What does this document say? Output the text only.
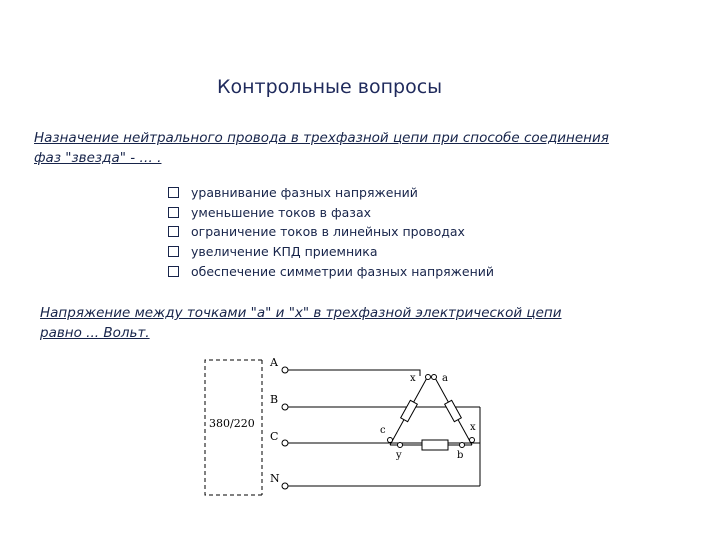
Контрольные вопросы
Назначение нейтрального провода в трехфазной цепи при способе соединения
фаз "звезда" - … .
уравнивание фазных напряжений
уменьшение токов в фазах
ограничение токов в линейных проводах
увеличение КПД приемника
обеспечение симметрии фазных напряжений
Напряжение между точками "a" и "x" в трехфазной электрической цепи
равно ... Вольт.
A
B
C
N
380/220
x	a
c	x
y	b
